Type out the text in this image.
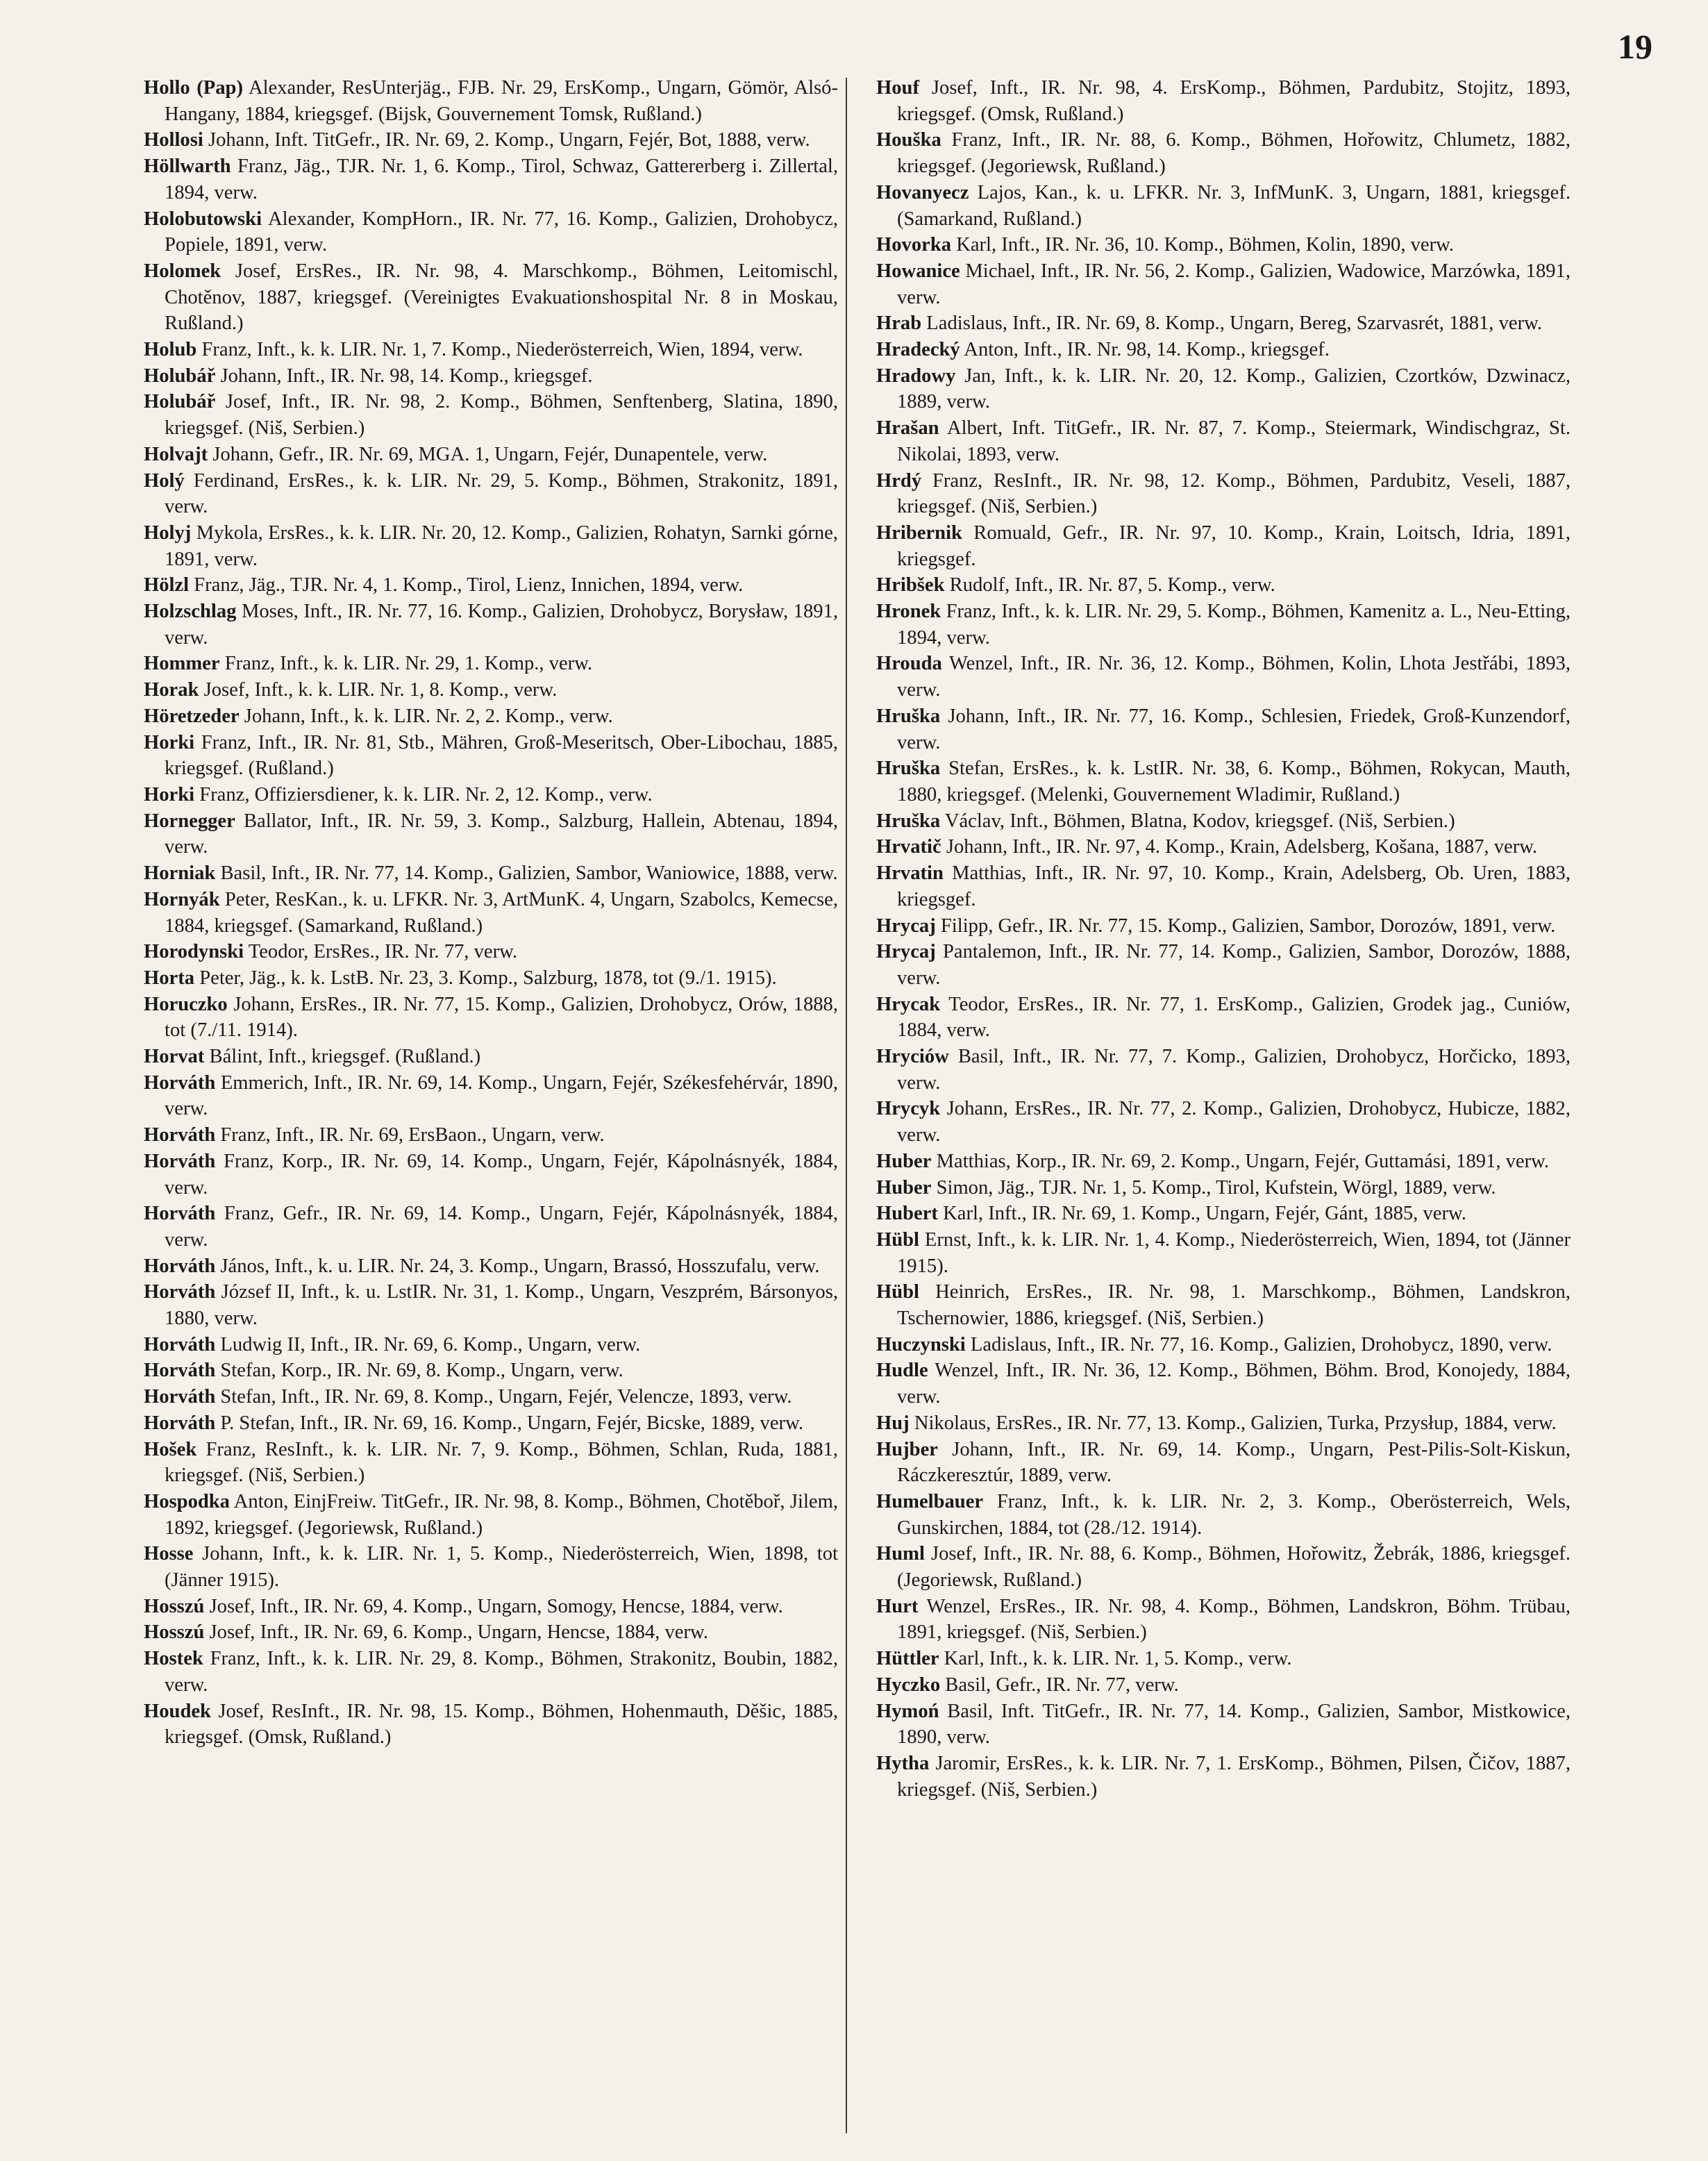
19

Hollo (Pap) Alexander, ResUnterjäg., FJB. Nr. 29, ErsKomp., Ungarn, Gömör, Alsó-Hangany, 1884, kriegsgef. (Bijsk, Gouvernement Tomsk, Rußland.)

Hollosi Johann, Inft. TitGefr., IR. Nr. 69, 2. Komp., Ungarn, Fejér, Bot, 1888, verw.

Höllwarth Franz, Jäg., TJR. Nr. 1, 6. Komp., Tirol, Schwaz, Gattererberg i. Zillertal, 1894, verw.

Holobutowski Alexander, KompHorn., IR. Nr. 77, 16. Komp., Galizien, Drohobycz, Popiele, 1891, verw.

Holomek Josef, ErsRes., IR. Nr. 98, 4. Marschkomp., Böhmen, Leitomischl, Chotěnov, 1887, kriegsgef. (Vereinigtes Evakuationshospital Nr. 8 in Moskau, Rußland.)

Holub Franz, Inft., k. k. LIR. Nr. 1, 7. Komp., Niederösterreich, Wien, 1894, verw.

Holubář Johann, Inft., IR. Nr. 98, 14. Komp., kriegsgef.

Holubář Josef, Inft., IR. Nr. 98, 2. Komp., Böhmen, Senftenberg, Slatina, 1890, kriegsgef. (Niš, Serbien.)

Holvajt Johann, Gefr., IR. Nr. 69, MGA. 1, Ungarn, Fejér, Dunapentele, verw.

Holý Ferdinand, ErsRes., k. k. LIR. Nr. 29, 5. Komp., Böhmen, Strakonitz, 1891, verw.

Holyj Mykola, ErsRes., k. k. LIR. Nr. 20, 12. Komp., Galizien, Rohatyn, Sarnki górne, 1891, verw.

Hölzl Franz, Jäg., TJR. Nr. 4, 1. Komp., Tirol, Lienz, Innichen, 1894, verw.

Holzschlag Moses, Inft., IR. Nr. 77, 16. Komp., Galizien, Drohobycz, Borysław, 1891, verw.

Hommer Franz, Inft., k. k. LIR. Nr. 29, 1. Komp., verw.

Horak Josef, Inft., k. k. LIR. Nr. 1, 8. Komp., verw.

Höretzeder Johann, Inft., k. k. LIR. Nr. 2, 2. Komp., verw.

Horki Franz, Inft., IR. Nr. 81, Stb., Mähren, Groß-Meseritsch, Ober-Libochau, 1885, kriegsgef. (Rußland.)

Horki Franz, Offiziersdiener, k. k. LIR. Nr. 2, 12. Komp., verw.

Hornegger Ballator, Inft., IR. Nr. 59, 3. Komp., Salzburg, Hallein, Abtenau, 1894, verw.

Horniak Basil, Inft., IR. Nr. 77, 14. Komp., Galizien, Sambor, Waniowice, 1888, verw.

Hornyák Peter, ResKan., k. u. LFKR. Nr. 3, ArtMunK. 4, Ungarn, Szabolcs, Kemecse, 1884, kriegsgef. (Samarkand, Rußland.)

Horodynski Teodor, ErsRes., IR. Nr. 77, verw.

Horta Peter, Jäg., k. k. LstB. Nr. 23, 3. Komp., Salzburg, 1878, tot (9./1. 1915).

Horuczko Johann, ErsRes., IR. Nr. 77, 15. Komp., Galizien, Drohobycz, Orów, 1888, tot (7./11. 1914).

Horvat Bálint, Inft., kriegsgef. (Rußland.)

Horváth Emmerich, Inft., IR. Nr. 69, 14. Komp., Ungarn, Fejér, Székesfehérvár, 1890, verw.

Horváth Franz, Inft., IR. Nr. 69, ErsBaon., Ungarn, verw.

Horváth Franz, Korp., IR. Nr. 69, 14. Komp., Ungarn, Fejér, Kápolnásnyék, 1884, verw.

Horváth Franz, Gefr., IR. Nr. 69, 14. Komp., Ungarn, Fejér, Kápolnásnyék, 1884, verw.

Horváth János, Inft., k. u. LIR. Nr. 24, 3. Komp., Ungarn, Brassó, Hosszufalu, verw.

Horváth József II, Inft., k. u. LstIR. Nr. 31, 1. Komp., Ungarn, Veszprém, Bársonyos, 1880, verw.

Horváth Ludwig II, Inft., IR. Nr. 69, 6. Komp., Ungarn, verw.

Horváth Stefan, Korp., IR. Nr. 69, 8. Komp., Ungarn, verw.

Horváth Stefan, Inft., IR. Nr. 69, 8. Komp., Ungarn, Fejér, Velencze, 1893, verw.

Horváth P. Stefan, Inft., IR. Nr. 69, 16. Komp., Ungarn, Fejér, Bicske, 1889, verw.

Hošek Franz, ResInft., k. k. LIR. Nr. 7, 9. Komp., Böhmen, Schlan, Ruda, 1881, kriegsgef. (Niš, Serbien.)

Hospodka Anton, EinjFreiw. TitGefr., IR. Nr. 98, 8. Komp., Böhmen, Chotěboř, Jilem, 1892, kriegsgef. (Jegoriewsk, Rußland.)

Hosse Johann, Inft., k. k. LIR. Nr. 1, 5. Komp., Niederösterreich, Wien, 1898, tot (Jänner 1915).

Hosszú Josef, Inft., IR. Nr. 69, 4. Komp., Ungarn, Somogy, Hencse, 1884, verw.

Hosszú Josef, Inft., IR. Nr. 69, 6. Komp., Ungarn, Hencse, 1884, verw.

Hostek Franz, Inft., k. k. LIR. Nr. 29, 8. Komp., Böhmen, Strakonitz, Boubin, 1882, verw.

Houdek Josef, ResInft., IR. Nr. 98, 15. Komp., Böhmen, Hohenmauth, Děšic, 1885, kriegsgef. (Omsk, Rußland.)

Houf Josef, Inft., IR. Nr. 98, 4. ErsKomp., Böhmen, Pardubitz, Stojitz, 1893, kriegsgef. (Omsk, Rußland.)

Houška Franz, Inft., IR. Nr. 88, 6. Komp., Böhmen, Hořowitz, Chlumetz, 1882, kriegsgef. (Jegoriewsk, Rußland.)

Hovanyecz Lajos, Kan., k. u. LFKR. Nr. 3, InfMunK. 3, Ungarn, 1881, kriegsgef. (Samarkand, Rußland.)

Hovorka Karl, Inft., IR. Nr. 36, 10. Komp., Böhmen, Kolin, 1890, verw.

Howanice Michael, Inft., IR. Nr. 56, 2. Komp., Galizien, Wadowice, Marzówka, 1891, verw.

Hrab Ladislaus, Inft., IR. Nr. 69, 8. Komp., Ungarn, Bereg, Szarvasrét, 1881, verw.

Hradecký Anton, Inft., IR. Nr. 98, 14. Komp., kriegsgef.

Hradowy Jan, Inft., k. k. LIR. Nr. 20, 12. Komp., Galizien, Czortków, Dzwinacz, 1889, verw.

Hrašan Albert, Inft. TitGefr., IR. Nr. 87, 7. Komp., Steiermark, Windischgraz, St. Nikolai, 1893, verw.

Hrdý Franz, ResInft., IR. Nr. 98, 12. Komp., Böhmen, Pardubitz, Veseli, 1887, kriegsgef. (Niš, Serbien.)

Hribernik Romuald, Gefr., IR. Nr. 97, 10. Komp., Krain, Loitsch, Idria, 1891, kriegsgef.

Hribšek Rudolf, Inft., IR. Nr. 87, 5. Komp., verw.

Hronek Franz, Inft., k. k. LIR. Nr. 29, 5. Komp., Böhmen, Kamenitz a. L., Neu-Etting, 1894, verw.

Hrouda Wenzel, Inft., IR. Nr. 36, 12. Komp., Böhmen, Kolin, Lhota Jestřábi, 1893, verw.

Hruška Johann, Inft., IR. Nr. 77, 16. Komp., Schlesien, Friedek, Groß-Kunzendorf, verw.

Hruška Stefan, ErsRes., k. k. LstIR. Nr. 38, 6. Komp., Böhmen, Rokycan, Mauth, 1880, kriegsgef. (Melenki, Gouvernement Wladimir, Rußland.)

Hruška Václav, Inft., Böhmen, Blatna, Kodov, kriegsgef. (Niš, Serbien.)

Hrvatič Johann, Inft., IR. Nr. 97, 4. Komp., Krain, Adelsberg, Košana, 1887, verw.

Hrvatin Matthias, Inft., IR. Nr. 97, 10. Komp., Krain, Adelsberg, Ob. Uren, 1883, kriegsgef.

Hrycaj Filipp, Gefr., IR. Nr. 77, 15. Komp., Galizien, Sambor, Dorozów, 1891, verw.

Hrycaj Pantalemon, Inft., IR. Nr. 77, 14. Komp., Galizien, Sambor, Dorozów, 1888, verw.

Hrycak Teodor, ErsRes., IR. Nr. 77, 1. ErsKomp., Galizien, Grodek jag., Cuniów, 1884, verw.

Hryciów Basil, Inft., IR. Nr. 77, 7. Komp., Galizien, Drohobycz, Horčicko, 1893, verw.

Hrycyk Johann, ErsRes., IR. Nr. 77, 2. Komp., Galizien, Drohobycz, Hubicze, 1882, verw.

Huber Matthias, Korp., IR. Nr. 69, 2. Komp., Ungarn, Fejér, Guttamási, 1891, verw.

Huber Simon, Jäg., TJR. Nr. 1, 5. Komp., Tirol, Kufstein, Wörgl, 1889, verw.

Hubert Karl, Inft., IR. Nr. 69, 1. Komp., Ungarn, Fejér, Gánt, 1885, verw.

Hübl Ernst, Inft., k. k. LIR. Nr. 1, 4. Komp., Niederösterreich, Wien, 1894, tot (Jänner 1915).

Hübl Heinrich, ErsRes., IR. Nr. 98, 1. Marschkomp., Böhmen, Landskron, Tschernowier, 1886, kriegsgef. (Niš, Serbien.)

Huczynski Ladislaus, Inft., IR. Nr. 77, 16. Komp., Galizien, Drohobycz, 1890, verw.

Hudle Wenzel, Inft., IR. Nr. 36, 12. Komp., Böhmen, Böhm. Brod, Konojedy, 1884, verw.

Huj Nikolaus, ErsRes., IR. Nr. 77, 13. Komp., Galizien, Turka, Przysłup, 1884, verw.

Hujber Johann, Inft., IR. Nr. 69, 14. Komp., Ungarn, Pest-Pilis-Solt-Kiskun, Ráczkeresztúr, 1889, verw.

Humelbauer Franz, Inft., k. k. LIR. Nr. 2, 3. Komp., Oberösterreich, Wels, Gunskirchen, 1884, tot (28./12. 1914).

Huml Josef, Inft., IR. Nr. 88, 6. Komp., Böhmen, Hořowitz, Žebrák, 1886, kriegsgef. (Jegoriewsk, Rußland.)

Hurt Wenzel, ErsRes., IR. Nr. 98, 4. Komp., Böhmen, Landskron, Böhm. Trübau, 1891, kriegsgef. (Niš, Serbien.)

Hüttler Karl, Inft., k. k. LIR. Nr. 1, 5. Komp., verw.

Hyczko Basil, Gefr., IR. Nr. 77, verw.

Hymoń Basil, Inft. TitGefr., IR. Nr. 77, 14. Komp., Galizien, Sambor, Mistkowice, 1890, verw.

Hytha Jaromir, ErsRes., k. k. LIR. Nr. 7, 1. ErsKomp., Böhmen, Pilsen, Čičov, 1887, kriegsgef. (Niš, Serbien.)
